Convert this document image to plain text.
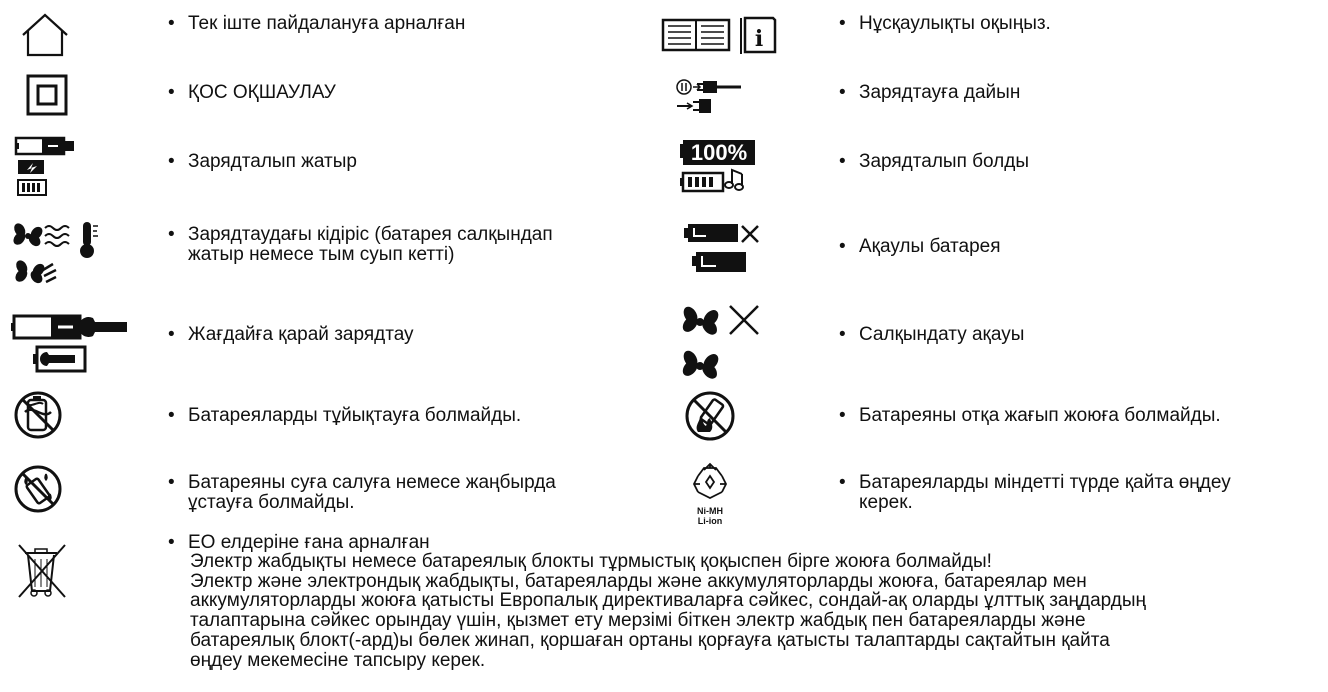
i
100%
Ni-MH
Li-ion
• Тек іште пайдалануға арналған
• ҚОС ОҚШАУЛАУ
• Зарядталып жатыр
• Зарядтаудағы кідіріс (батарея салқындап
жатыр немесе тым суып кетті)
• Жағдайға қарай зарядтау
• Батареяларды тұйықтауға болмайды.
• Батареяны суға салуға немесе жаңбырда
ұстауға болмайды.
• Нұсқаулықты оқыңыз.
• Зарядтауға дайын
• Зарядталып болды
• Ақаулы батарея
• Салқындату ақауы
• Батареяны отқа жағып жоюға болмайды.
• Батареяларды міндетті түрде қайта өңдеу
керек.
• ЕО елдеріне ғана арналған

Электр жабдықты немесе батареялық блокты тұрмыстық қоқыспен бірге жоюға болмайды!

Электр және электрондық жабдықты, батареяларды және аккумуляторларды жоюға, батареялар мен

аккумуляторларды жоюға қатысты Европалық директиваларға сәйкес, сондай-ақ оларды ұлттық заңдардың

талаптарына сәйкес орындау үшін, қызмет ету мерзімі біткен электр жабдық пен батареяларды және

батареялық блокт(-ард)ы бөлек жинап, қоршаған ортаны қорғауға қатысты талаптарды сақтайтын қайта

өңдеу мекемесіне тапсыру керек.
